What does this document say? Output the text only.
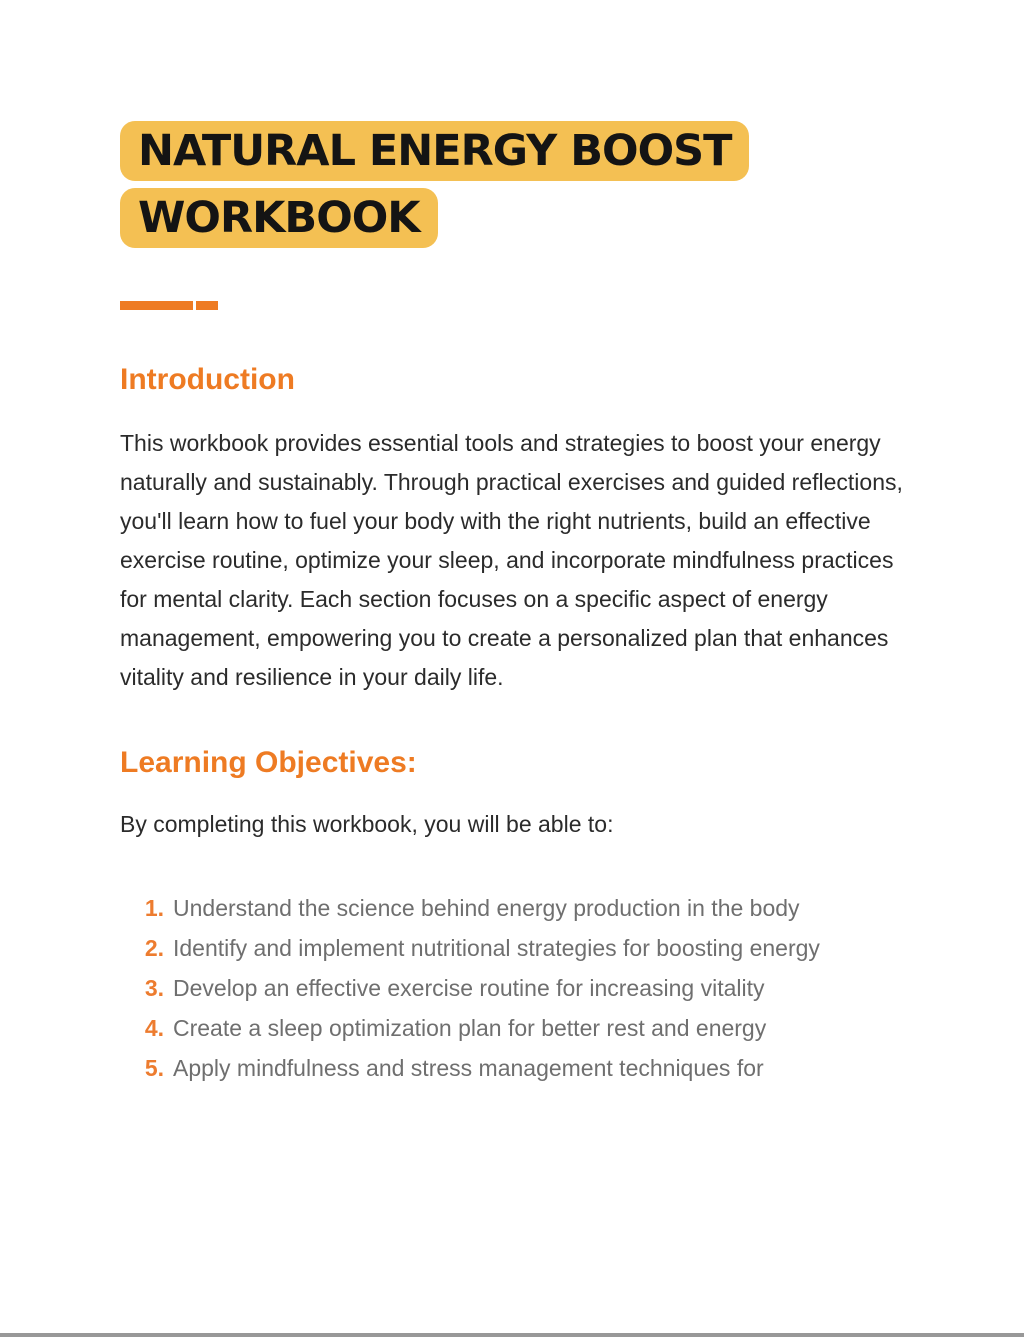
NATURAL ENERGY BOOST
WORKBOOK
Introduction

This workbook provides essential tools and strategies to boost your energy naturally and sustainably. Through practical exercises and guided reflections, you'll learn how to fuel your body with the right nutrients, build an effective exercise routine, optimize your sleep, and incorporate mindfulness practices for mental clarity. Each section focuses on a specific aspect of energy management, empowering you to create a personalized plan that enhances vitality and resilience in your daily life.

Learning Objectives:

By completing this workbook, you will be able to:

1. Understand the science behind energy production in the body
2. Identify and implement nutritional strategies for boosting energy
3. Develop an effective exercise routine for increasing vitality
4. Create a sleep optimization plan for better rest and energy
5. Apply mindfulness and stress management techniques for
